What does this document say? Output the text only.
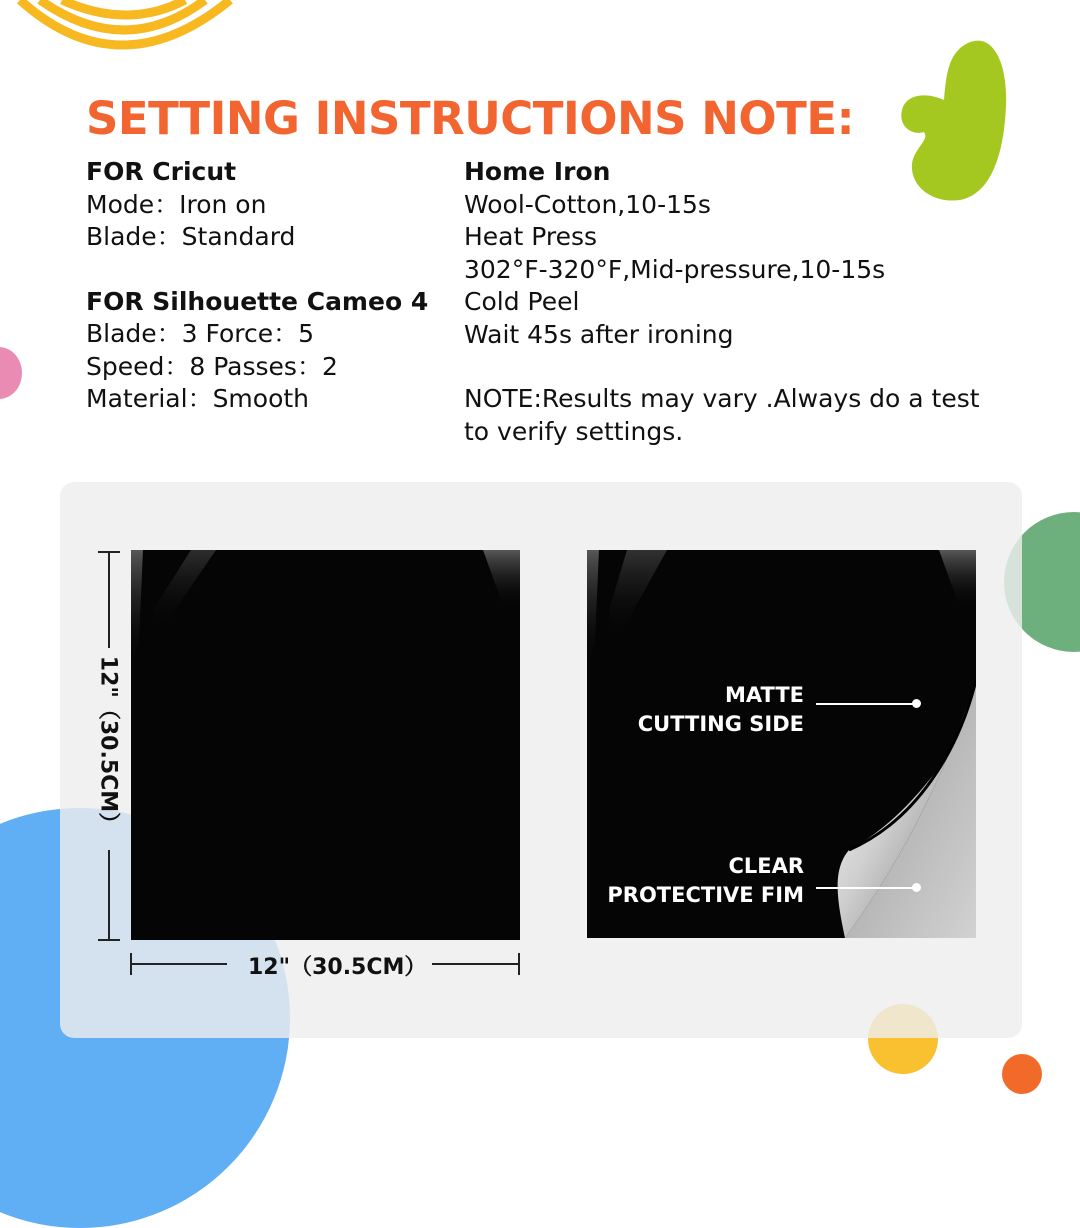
SETTING INSTRUCTIONS NOTE:
FOR Cricut
Mode：Iron on
Blade：Standard
FOR Silhouette Cameo 4
Blade：3 Force：5
Speed：8 Passes：2
Material：Smooth
Home Iron
Wool-Cotton,10-15s
Heat Press
302°F-320°F,Mid-pressure,10-15s
Cold Peel
Wait 45s after ironing
NOTE:Results may vary .Always do a test
to verify settings.
MATTE
CUTTING SIDE
CLEAR
PROTECTIVE FIM
12"（30.5CM）
12"（30.5CM）
